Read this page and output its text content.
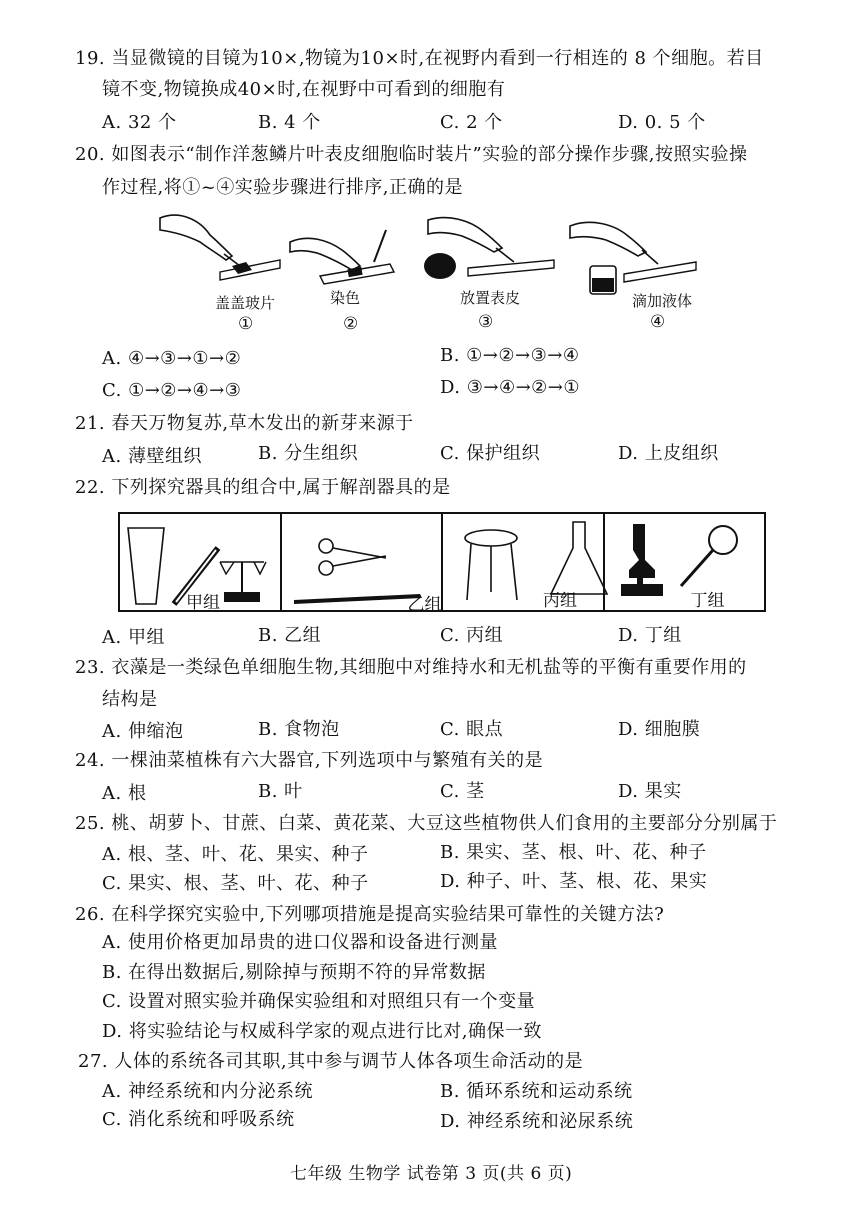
19. 当显微镜的目镜为10×,物镜为10×时,在视野内看到一行相连的 8 个细胞。若目
镜不变,物镜换成40×时,在视野中可看到的细胞有
A. 32 个	B. 4 个	C. 2 个	D. 0. 5 个
20. 如图表示“制作洋葱鳞片叶表皮细胞临时装片”实验的部分操作步骤,按照实验操
作过程,将①~④实验步骤进行排序,正确的是
盖盖玻片
①
染色
②
放置表皮
③
滴加液体
④
A. ④→③→①→②	B. ①→②→③→④
C. ①→②→④→③	D. ③→④→②→①
21. 春天万物复苏,草木发出的新芽来源于
A. 薄壁组织	B. 分生组织	C. 保护组织	D. 上皮组织
22. 下列探究器具的组合中,属于解剖器具的是
甲组	乙组	丙组	丁组
A. 甲组	B. 乙组	C. 丙组	D. 丁组
23. 衣藻是一类绿色单细胞生物,其细胞中对维持水和无机盐等的平衡有重要作用的
结构是
A. 伸缩泡	B. 食物泡	C. 眼点	D. 细胞膜
24. 一棵油菜植株有六大器官,下列选项中与繁殖有关的是
A. 根	B. 叶	C. 茎	D. 果实
25. 桃、胡萝卜、甘蔗、白菜、黄花菜、大豆这些植物供人们食用的主要部分分别属于
A. 根、茎、叶、花、果实、种子	B. 果实、茎、根、叶、花、种子
C. 果实、根、茎、叶、花、种子	D. 种子、叶、茎、根、花、果实
26. 在科学探究实验中,下列哪项措施是提高实验结果可靠性的关键方法?
A. 使用价格更加昂贵的进口仪器和设备进行测量
B. 在得出数据后,剔除掉与预期不符的异常数据
C. 设置对照实验并确保实验组和对照组只有一个变量
D. 将实验结论与权威科学家的观点进行比对,确保一致
27. 人体的系统各司其职,其中参与调节人体各项生命活动的是
A. 神经系统和内分泌系统	B. 循环系统和运动系统
C. 消化系统和呼吸系统	D. 神经系统和泌尿系统
七年级 生物学 试卷第 3 页(共 6 页)
